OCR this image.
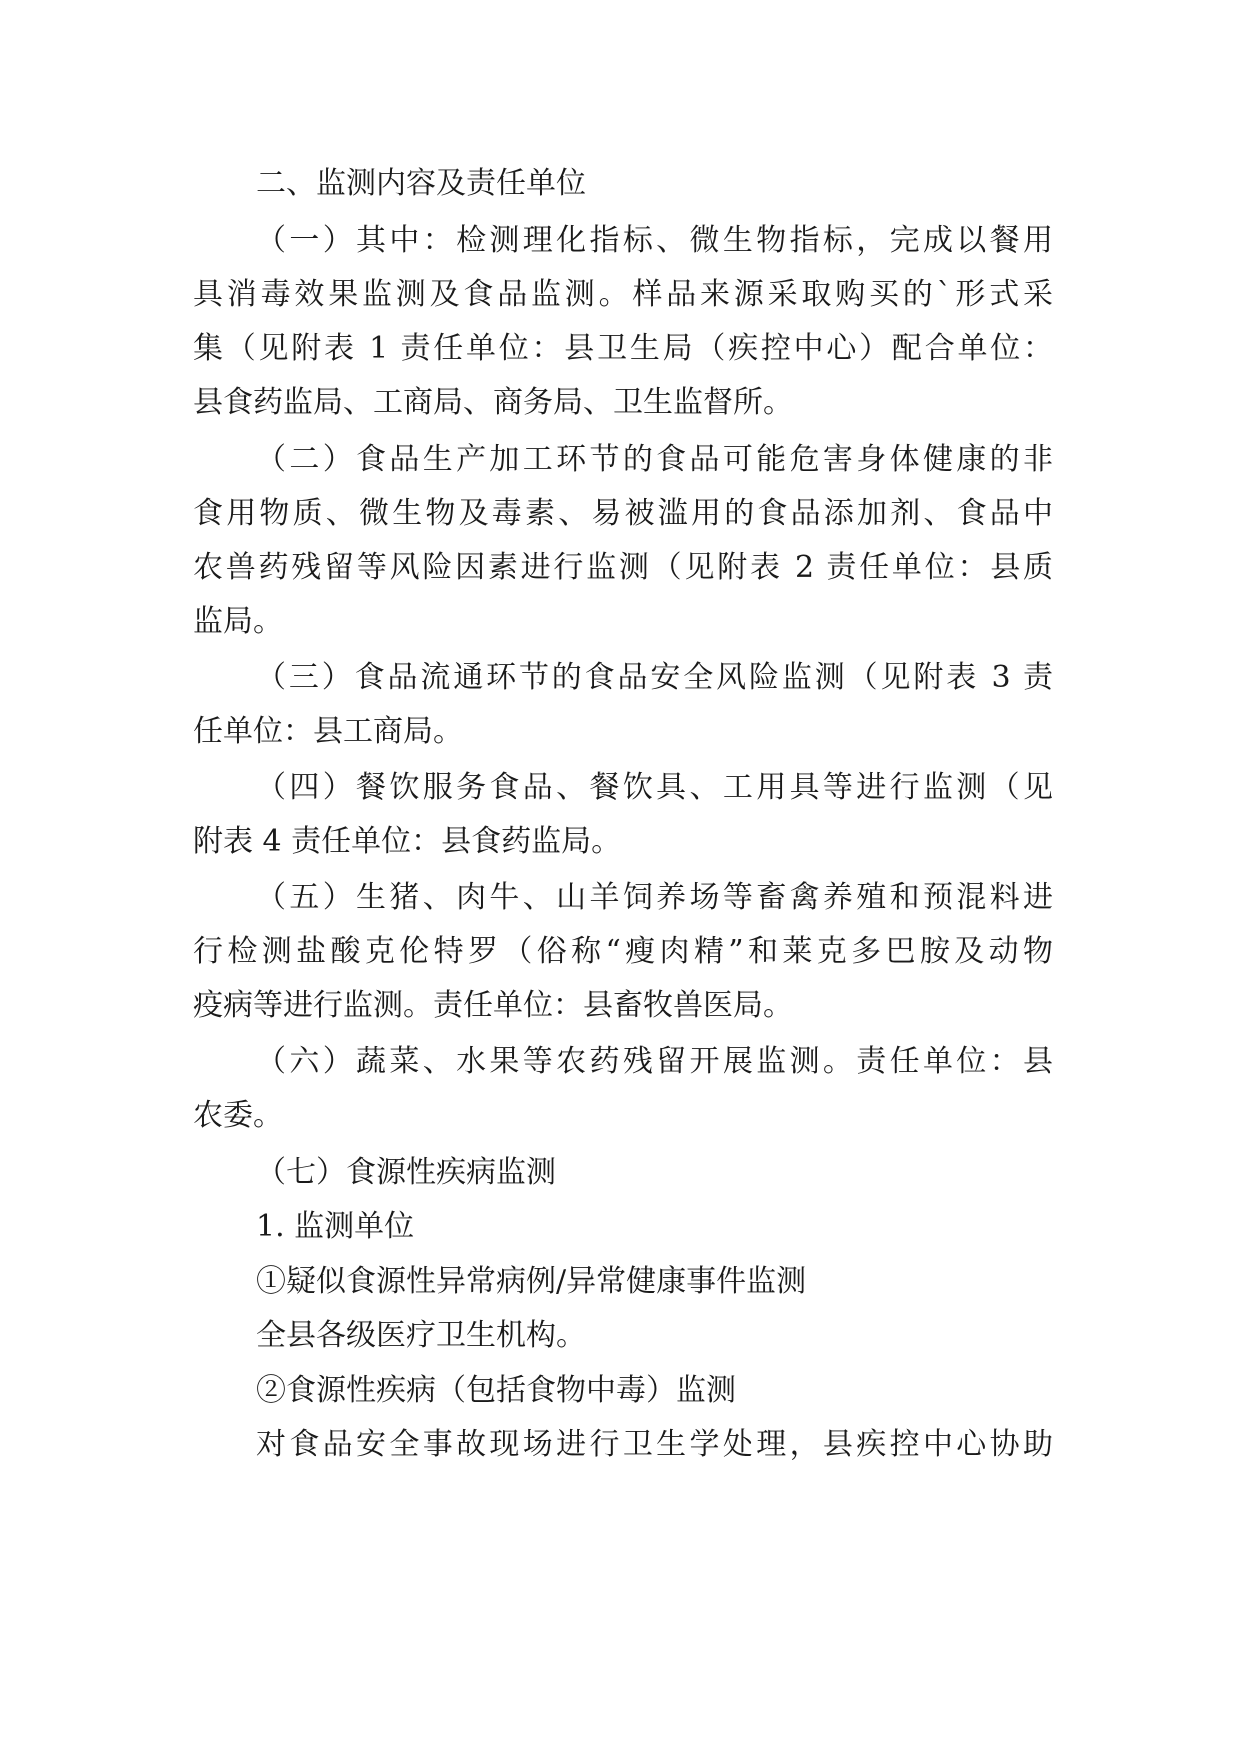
二、监测内容及责任单位
（一）其中：检测理化指标、微生物指标，完成以餐用
具消毒效果监测及食品监测。样品来源采取购买的`形式采
集（见附表 1 责任单位：县卫生局（疾控中心）配合单位：
县食药监局、工商局、商务局、卫生监督所。
（二）食品生产加工环节的食品可能危害身体健康的非
食用物质、微生物及毒素、易被滥用的食品添加剂、食品中
农兽药残留等风险因素进行监测（见附表 2 责任单位：县质
监局。
（三）食品流通环节的食品安全风险监测（见附表 3 责
任单位：县工商局。
（四）餐饮服务食品、餐饮具、工用具等进行监测（见
附表 4 责任单位：县食药监局。
（五）生猪、肉牛、山羊饲养场等畜禽养殖和预混料进
行检测盐酸克伦特罗（俗称“瘦肉精”和莱克多巴胺及动物
疫病等进行监测。责任单位：县畜牧兽医局。
（六）蔬菜、水果等农药残留开展监测。责任单位：县
农委。
（七）食源性疾病监测
1. 监测单位
①疑似食源性异常病例/异常健康事件监测
全县各级医疗卫生机构。
②食源性疾病（包括食物中毒）监测
对食品安全事故现场进行卫生学处理，县疾控中心协助
